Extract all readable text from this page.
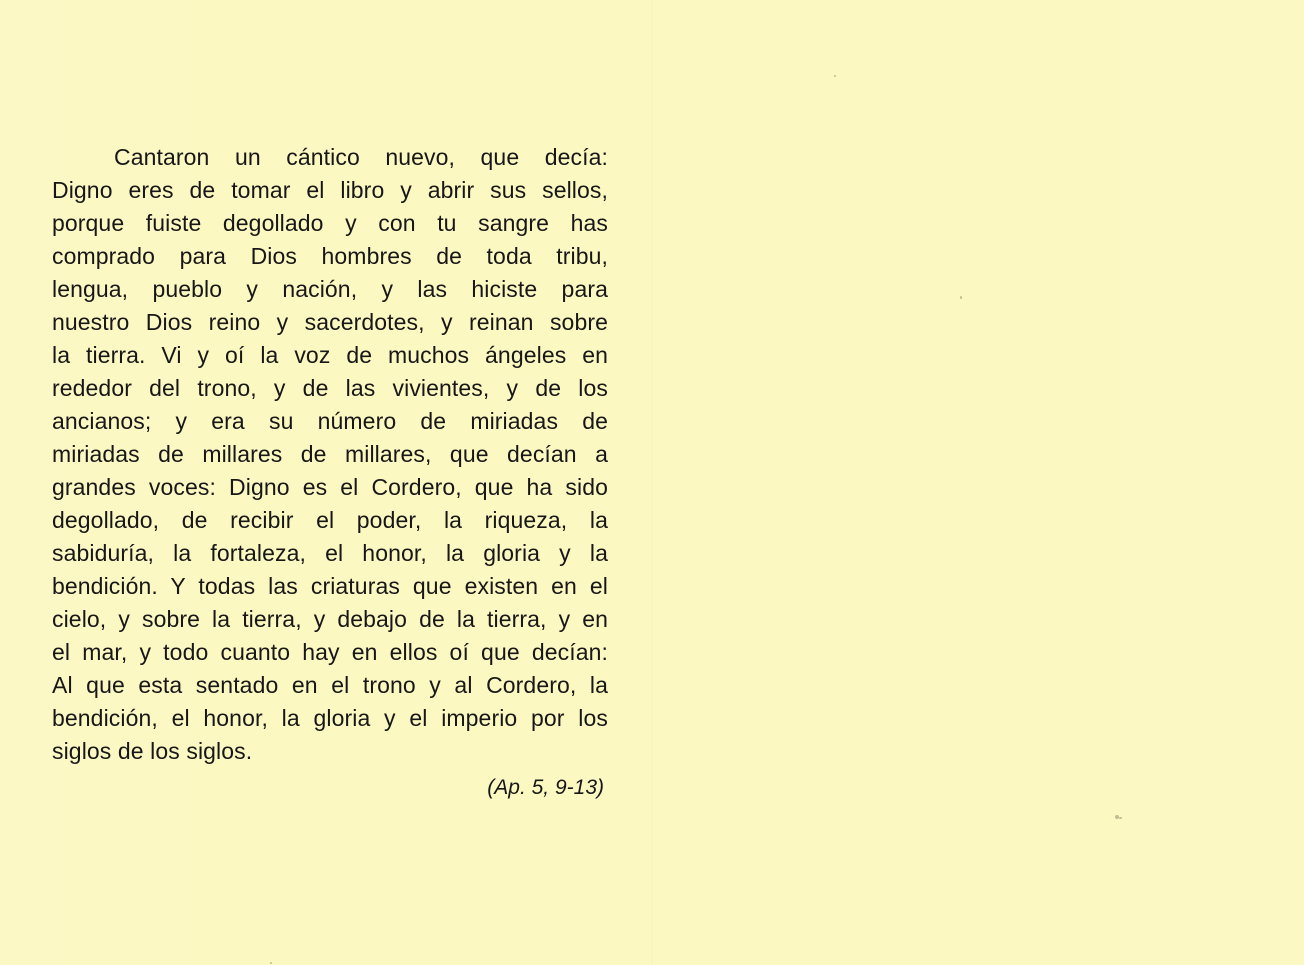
Cantaron un cántico nuevo, que decía:
Digno eres de tomar el libro y abrir sus sellos,
porque fuiste degollado y con tu sangre has
comprado para Dios hombres de toda tribu,
lengua, pueblo y nación, y las hiciste para
nuestro Dios reino y sacerdotes, y reinan sobre
la tierra. Vi y oí la voz de muchos ángeles en
rededor del trono, y de las vivientes, y de los
ancianos; y era su número de miriadas de
miriadas de millares de millares, que decían a
grandes voces: Digno es el Cordero, que ha sido
degollado, de recibir el poder, la riqueza, la
sabiduría, la fortaleza, el honor, la gloria y la
bendición. Y todas las criaturas que existen en el
cielo, y sobre la tierra, y debajo de la tierra, y en
el mar, y todo cuanto hay en ellos oí que decían:
Al que esta sentado en el trono y al Cordero, la
bendición, el honor, la gloria y el imperio por los
siglos de los siglos.
(Ap. 5, 9-13)
